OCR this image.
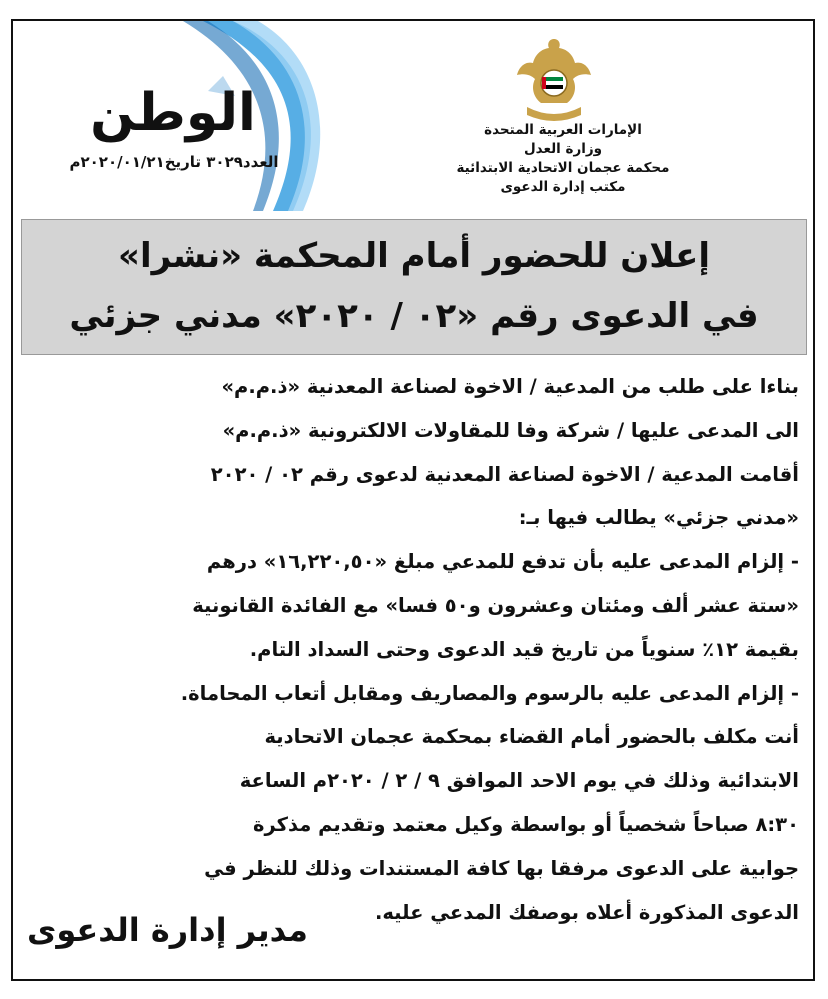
الوطن
العدد٣٠٢٩ تاريخ٢٠٢٠/٠١/٢١م
الإمارات العربية المتحدة
وزارة العدل
محكمة عجمان الاتحادية الابتدائية
مكتب إدارة الدعوى
إعلان للحضور أمام المحكمة «نشرا»
في الدعوى رقم «٠٢ / ٢٠٢٠» مدني جزئي
بناءا على طلب من المدعية / الاخوة لصناعة المعدنية «ذ.م.م»
الى المدعى عليها / شركة وفا للمقاولات الالكترونية «ذ.م.م»
أقامت المدعية / الاخوة لصناعة المعدنية لدعوى رقم ٠٢ / ٢٠٢٠
«مدني جزئي» يطالب فيها بـ:
- إلزام المدعى عليه بأن تدفع للمدعي مبلغ «١٦,٢٢٠,٥٠» درهم
«ستة عشر ألف ومئتان وعشرون و٥٠ فسا» مع الفائدة القانونية
بقيمة ١٢٪ سنوياً من تاريخ قيد الدعوى وحتى السداد التام.
- إلزام المدعى عليه بالرسوم والمصاريف ومقابل أتعاب المحاماة.
أنت مكلف بالحضور أمام القضاء بمحكمة عجمان الاتحادية
الابتدائية وذلك في يوم الاحد الموافق ٩ / ٢ / ٢٠٢٠م الساعة
٨:٣٠ صباحاً شخصياً أو بواسطة وكيل معتمد وتقديم مذكرة
جوابية على الدعوى مرفقا بها كافة المستندات وذلك للنظر في
الدعوى المذكورة أعلاه بوصفك المدعي عليه.
مدير إدارة الدعوى
